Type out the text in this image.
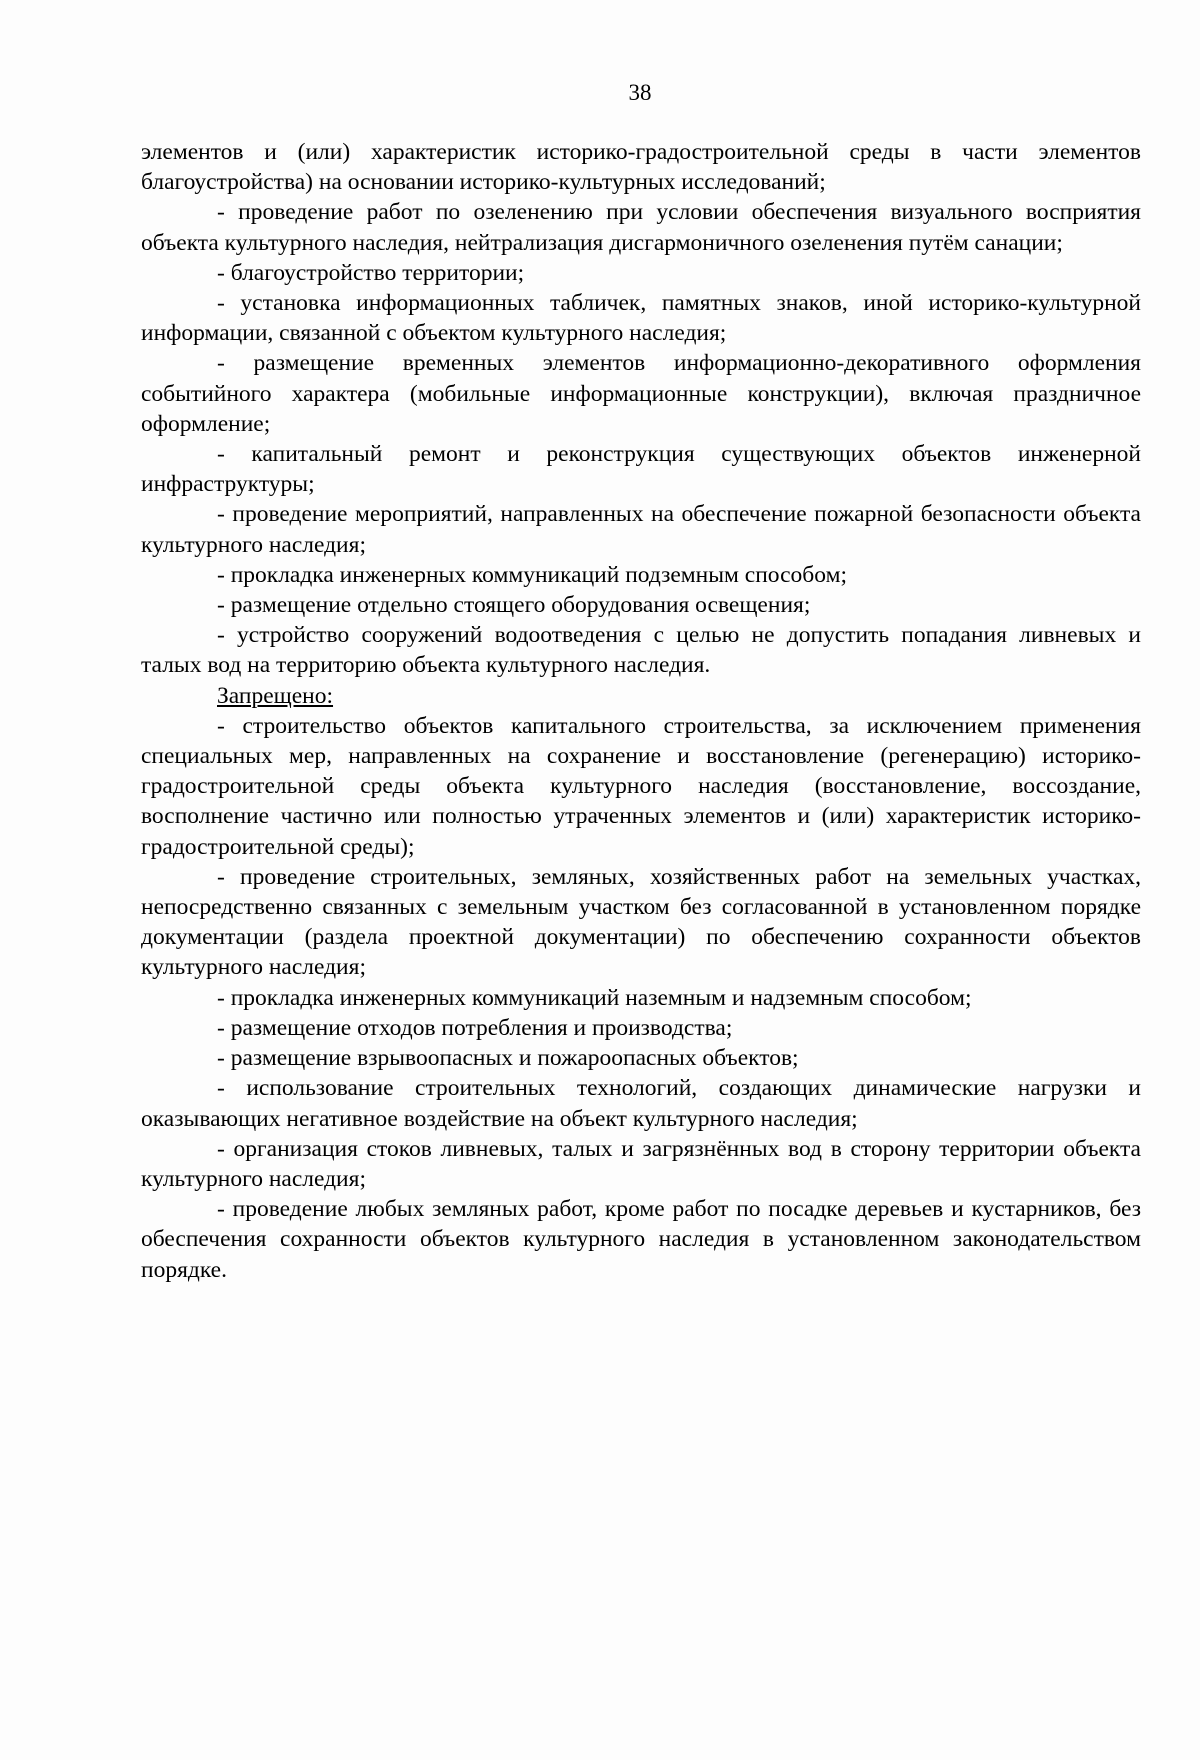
38

элементов и (или) характеристик историко-градостроительной среды в части элементов благоустройства) на основании историко-культурных исследований;

- проведение работ по озеленению при условии обеспечения визуального восприятия объекта культурного наследия, нейтрализация дисгармоничного озеленения путём санации;

- благоустройство территории;

- установка информационных табличек, памятных знаков, иной историко-культурной информации, связанной с объектом культурного наследия;

- размещение временных элементов информационно-декоративного оформления событийного характера (мобильные информационные конструкции), включая праздничное оформление;

- капитальный ремонт и реконструкция существующих объектов инженерной инфраструктуры;

- проведение мероприятий, направленных на обеспечение пожарной безопасности объекта культурного наследия;

- прокладка инженерных коммуникаций подземным способом;

- размещение отдельно стоящего оборудования освещения;

- устройство сооружений водоотведения с целью не допустить попадания ливневых и талых вод на территорию объекта культурного наследия.

Запрещено:

- строительство объектов капитального строительства, за исключением применения специальных мер, направленных на сохранение и восстановление (регенерацию) историко-градостроительной среды объекта культурного наследия (восстановление, воссоздание, восполнение частично или полностью утраченных элементов и (или) характеристик историко-градостроительной среды);

- проведение строительных, земляных, хозяйственных работ на земельных участках, непосредственно связанных с земельным участком без согласованной в установленном порядке документации (раздела проектной документации) по обеспечению сохранности объектов культурного наследия;

- прокладка инженерных коммуникаций наземным и надземным способом;

- размещение отходов потребления и производства;

- размещение взрывоопасных и пожароопасных объектов;

- использование строительных технологий, создающих динамические нагрузки и оказывающих негативное воздействие на объект культурного наследия;

- организация стоков ливневых, талых и загрязнённых вод в сторону территории объекта культурного наследия;

- проведение любых земляных работ, кроме работ по посадке деревьев и кустарников, без обеспечения сохранности объектов культурного наследия в установленном законодательством порядке.
